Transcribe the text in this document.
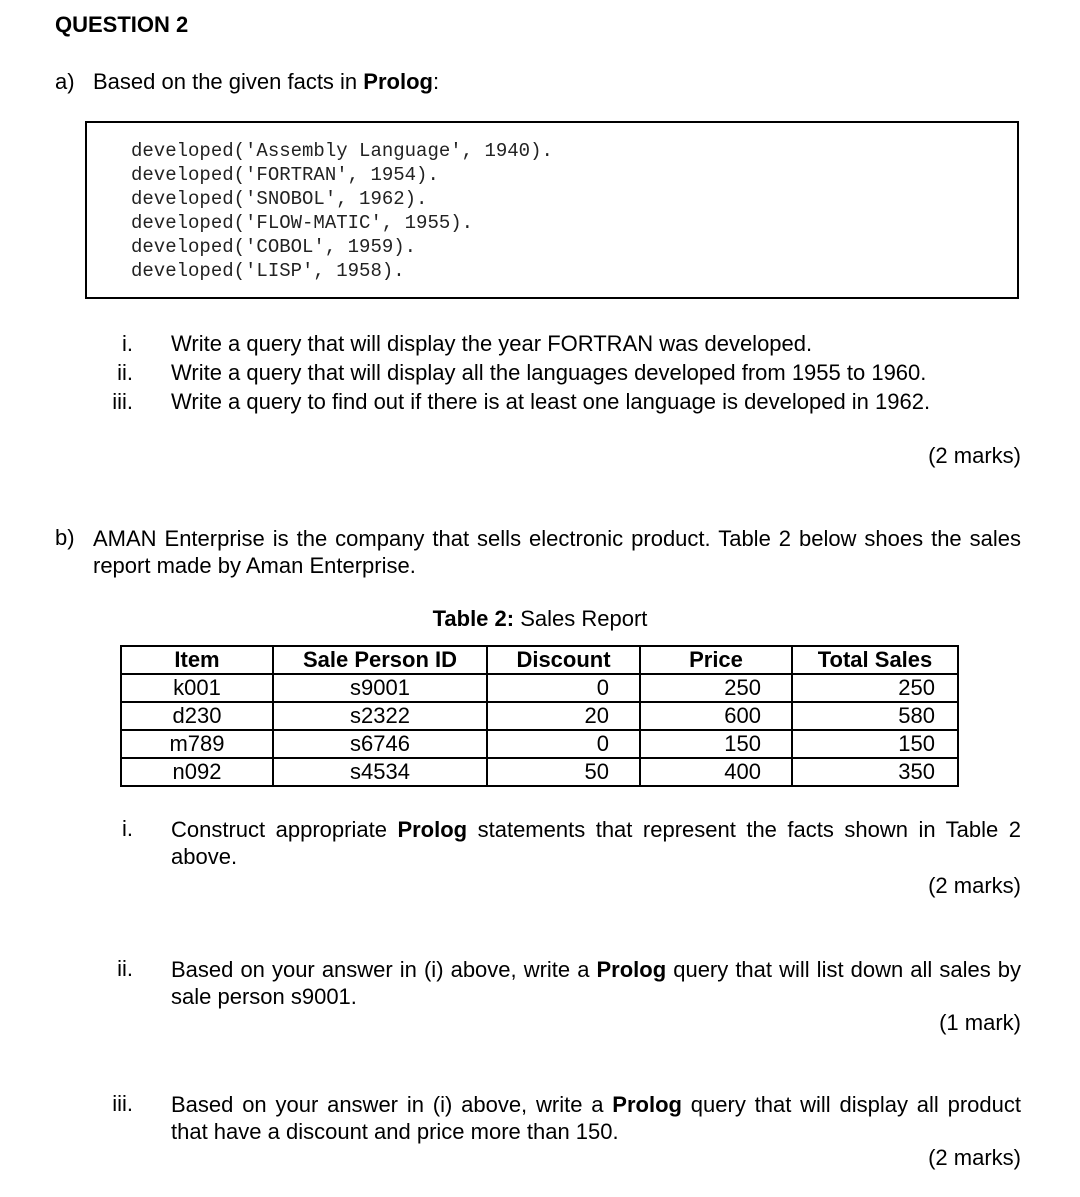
QUESTION 2
a) Based on the given facts in Prolog:
developed('Assembly Language', 1940).
developed('FORTRAN', 1954).
developed('SNOBOL', 1962).
developed('FLOW-MATIC', 1955).
developed('COBOL', 1959).
developed('LISP', 1958).
i. Write a query that will display the year FORTRAN was developed.
ii. Write a query that will display all the languages developed from 1955 to 1960.
iii. Write a query to find out if there is at least one language is developed in 1962.
(2 marks)
b) AMAN Enterprise is the company that sells electronic product. Table 2 below shoes the sales report made by Aman Enterprise.
Table 2: Sales Report
Item	Sale Person ID	Discount	Price	Total Sales
k001	s9001	0	250	250
d230	s2322	20	600	580
m789	s6746	0	150	150
n092	s4534	50	400	350
i. Construct appropriate Prolog statements that represent the facts shown in Table 2 above.
(2 marks)
ii. Based on your answer in (i) above, write a Prolog query that will list down all sales by sale person s9001.
(1 mark)
iii. Based on your answer in (i) above, write a Prolog query that will display all product that have a discount and price more than 150.
(2 marks)
